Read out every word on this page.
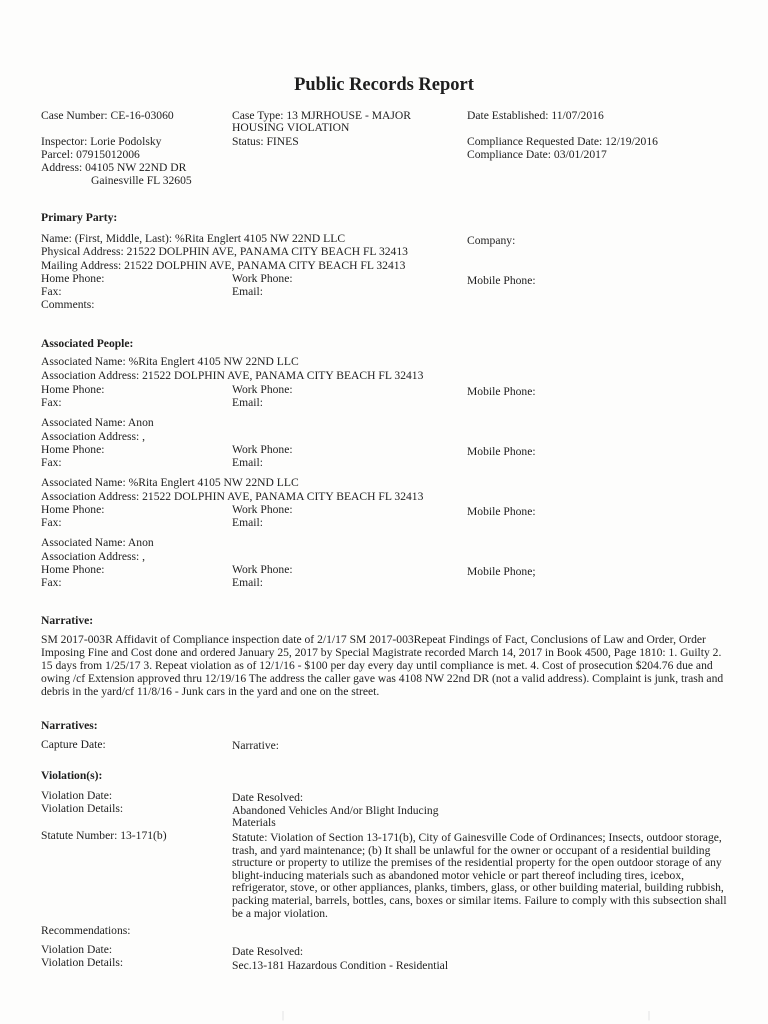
Public Records Report
Case Number: CE-16-03060	Case Type: 13 MJRHOUSE - MAJOR HOUSING VIOLATION
Status: FINES
Date Established: 11/07/2016
Inspector: Lorie Podolsky
Parcel: 07915012006
Address: 04105 NW 22ND DR
Gainesville FL 32605
Compliance Requested Date: 12/19/2016
Compliance Date: 03/01/2017
Primary Party:
Name: (First, Middle, Last): %Rita Englert 4105 NW 22ND LLC	Company:
Physical Address: 21522 DOLPHIN AVE, PANAMA CITY BEACH FL 32413
Mailing Address: 21522 DOLPHIN AVE, PANAMA CITY BEACH FL 32413
Home Phone:	Work Phone:	Mobile Phone:
Fax:	Email:
Comments:
Associated People:
Associated Name: %Rita Englert 4105 NW 22ND LLC
Association Address: 21522 DOLPHIN AVE, PANAMA CITY BEACH FL 32413
Home Phone:	Work Phone:	Mobile Phone:
Fax:	Email:
Associated Name: Anon
Association Address: ,
Home Phone:	Work Phone:	Mobile Phone:
Fax:	Email:
Associated Name: %Rita Englert 4105 NW 22ND LLC
Association Address: 21522 DOLPHIN AVE, PANAMA CITY BEACH FL 32413
Home Phone:	Work Phone:	Mobile Phone:
Fax:	Email:
Associated Name: Anon
Association Address: ,
Home Phone:	Work Phone:	Mobile Phone;
Fax:	Email:
Narrative:
SM 2017-003R Affidavit of Compliance inspection date of 2/1/17 SM 2017-003Repeat Findings of Fact, Conclusions of Law and Order, Order Imposing Fine and Cost done and ordered January 25, 2017 by Special Magistrate recorded March 14, 2017 in Book 4500, Page 1810: 1. Guilty 2. 15 days from 1/25/17 3. Repeat violation as of 12/1/16 - $100 per day every day until compliance is met. 4. Cost of prosecution $204.76 due and owing /cf Extension approved thru 12/19/16 The address the caller gave was 4108 NW 22nd DR (not a valid address). Complaint is junk, trash and debris in the yard/cf 11/8/16 - Junk cars in the yard and one on the street.
Narratives:
Capture Date:	Narrative:
Violation(s):
Violation Date:	Date Resolved:
Violation Details:	Abandoned Vehicles And/or Blight Inducing Materials
Statute Number: 13-171(b)	Statute: Violation of Section 13-171(b), City of Gainesville Code of Ordinances; Insects, outdoor storage, trash, and yard maintenance; (b) It shall be unlawful for the owner or occupant of a residential building structure or property to utilize the premises of the residential property for the open outdoor storage of any blight-inducing materials such as abandoned motor vehicle or part thereof including tires, icebox, refrigerator, stove, or other appliances, planks, timbers, glass, or other building material, building rubbish, packing material, barrels, bottles, cans, boxes or similar items. Failure to comply with this subsection shall be a major violation.
Recommendations:
Violation Date:	Date Resolved:
Violation Details:	Sec.13-181 Hazardous Condition - Residential
|	|
